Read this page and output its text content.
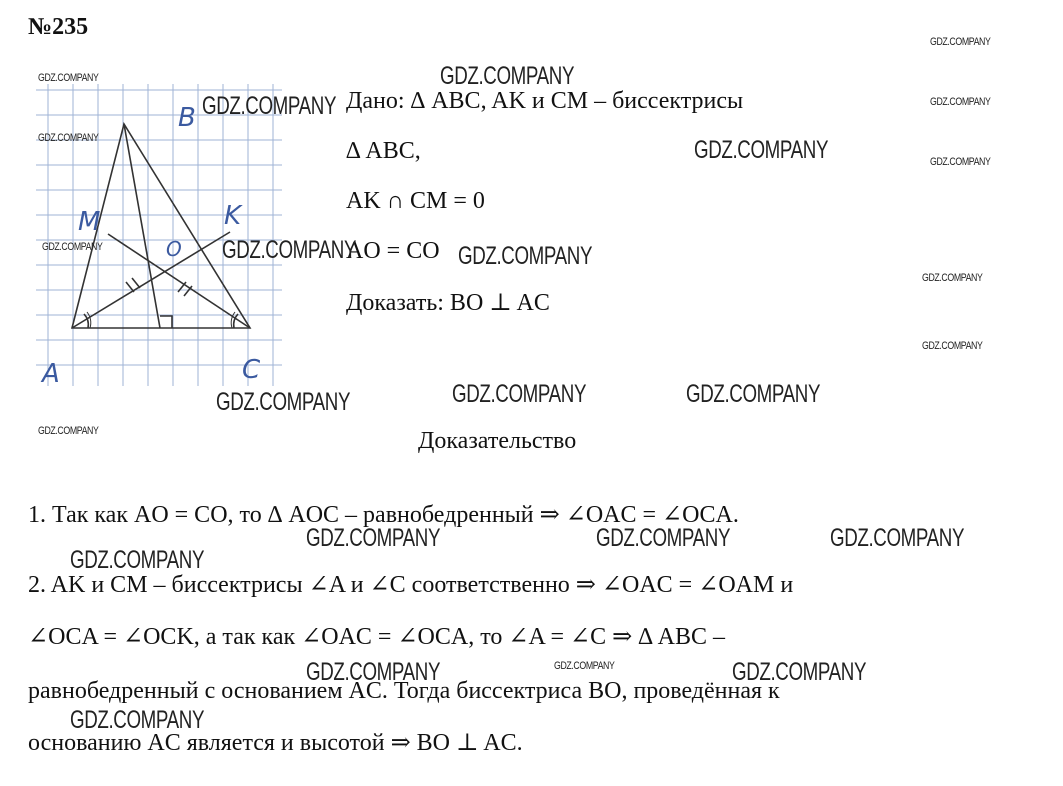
№235
B
M	K
O
A	C
Дано: ∆ ABC, AK и CM – биссектрисы
∆ ABC,
AK ∩ CM = 0
AO = CO
Доказать: BO ⊥ AC
Доказательство
1. Так как AO = CO, то ∆ AOC – равнобедренный ⇒ ∠OAC = ∠OCA.
2. AK и CM – биссектрисы ∠A и ∠C соответственно ⇒ ∠OAC = ∠OAM и
∠OCA = ∠OCK, а так как ∠OAC = ∠OCA, то ∠A = ∠C ⇒ ∆ ABC –
равнобедренный с основанием AC. Тогда биссектриса BO, проведённая к
основанию AC является и высотой ⇒ BO ⊥ AC.
GDZ.COMPANY
GDZ.COMPANY
GDZ.COMPANY
GDZ.COMPANY
GDZ.COMPANY
GDZ.COMPANY
GDZ.COMPANY
GDZ.COMPANY
GDZ.COMPANY
GDZ.COMPANY
GDZ.COMPANY
GDZ.COMPANY
GDZ.COMPANY
GDZ.COMPANY	GDZ.COMPANY
GDZ.COMPANY	GDZ.COMPANY	GDZ.COMPANY
GDZ.COMPANY	GDZ.COMPANY	GDZ.COMPANY
GDZ.COMPANY
GDZ.COMPANY	GDZ.COMPANY
GDZ.COMPANY
